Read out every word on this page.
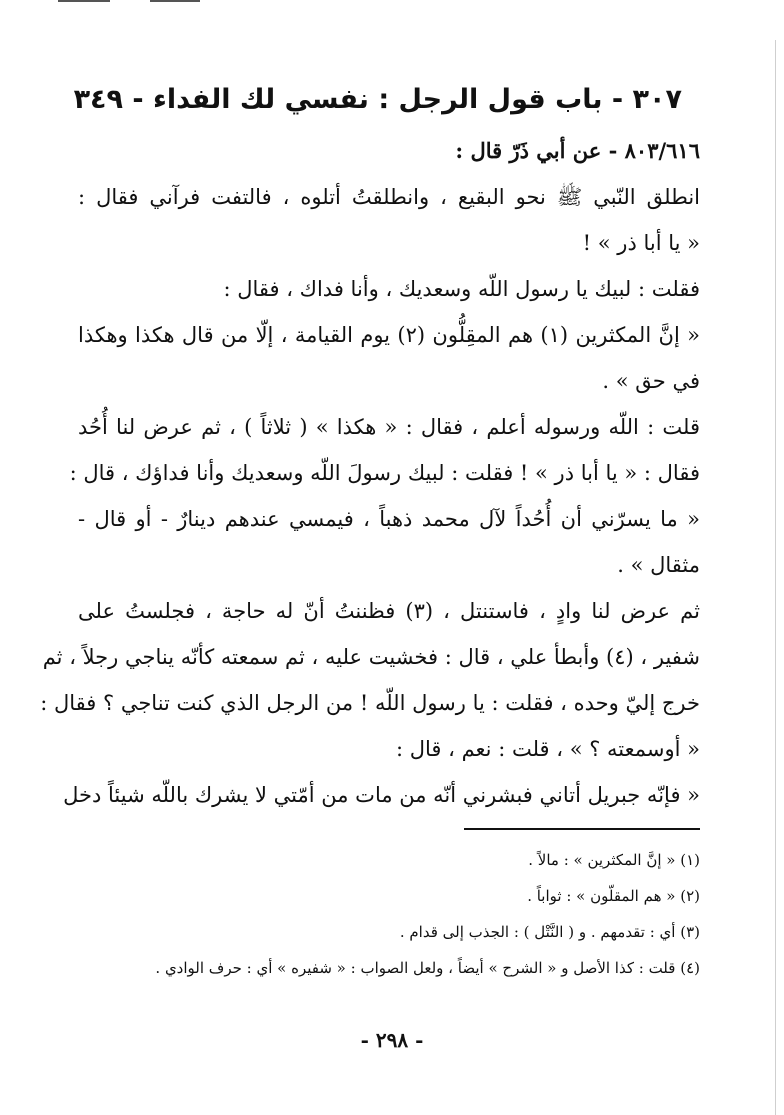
٣٠٧ - باب قول الرجل : نفسي لك الفداء - ٣٤٩
٨٠٣/٦١٦ - عن أبي ذَرّ قال :
انطلق النّبي ﷺ نحو البقيع ، وانطلقتُ أتلوه ، فالتفت فرآني فقال :
« يا أبا ذر » !
فقلت : لبيك يا رسول اللّه وسعديك ، وأنا فداك ، فقال :
« إنَّ المكثرين (١) هم المقِلُّون (٢) يوم القيامة ، إلّا من قال هكذا وهكذا
في حق » .
قلت : اللّه ورسوله أعلم ، فقال : « هكذا » ( ثلاثاً ) ، ثم عرض لنا أُحُد
فقال : « يا أبا ذر » ! فقلت : لبيك رسولَ اللّه وسعديك وأنا فداؤك ، قال :
« ما يسرّني أن أُحُداً لآل محمد ذهباً ، فيمسي عندهم دينارٌ - أو قال -
مثقال » .
ثم عرض لنا وادٍ ، فاستنتل ، (٣) فظننتُ أنّ له حاجة ، فجلستُ على
شفير ، (٤) وأبطأ علي ، قال : فخشيت عليه ، ثم سمعته كأنّه يناجي رجلاً ، ثم
خرج إليّ وحده ، فقلت : يا رسول اللّه ! من الرجل الذي كنت تناجي ؟ فقال :
« أوسمعته ؟ » ، قلت : نعم ، قال :
« فإنّه جبريل أتاني فبشرني أنّه من مات من أمّتي لا يشرك باللّه شيئاً دخل
(١) « إنَّ المكثرين » : مالاً .
(٢) « هم المقلّون » : ثواباً .
(٣) أي : تقدمهم . و ( النَّتْل ) : الجذب إلى قدام .
(٤) قلت : كذا الأصل و « الشرح » أيضاً ، ولعل الصواب : « شفيره » أي : حرف الوادي .
- ٢٩٨ -
